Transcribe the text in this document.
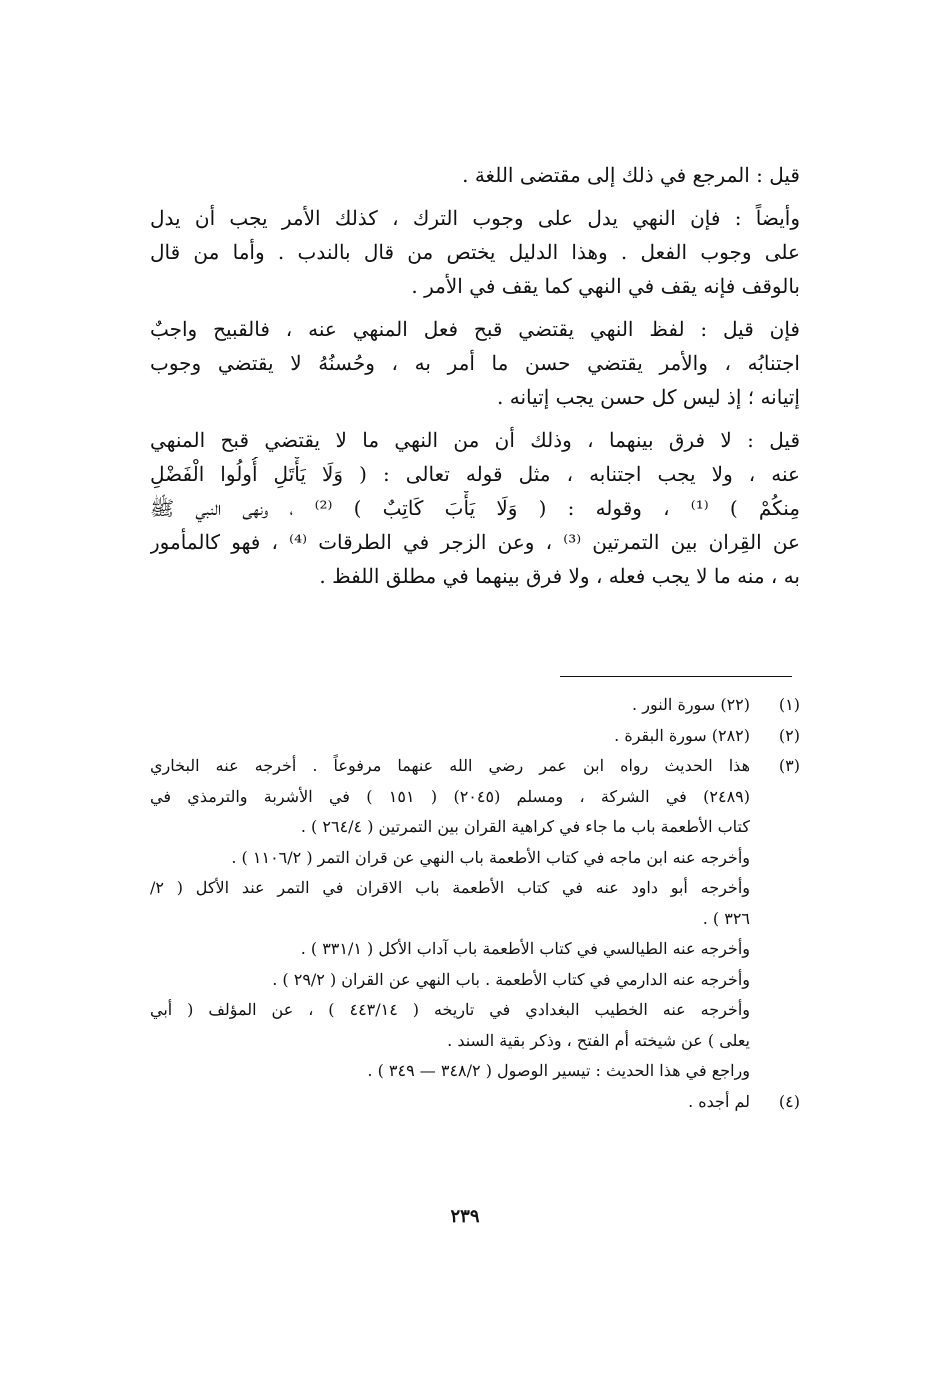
قيل : المرجع في ذلك إلى مقتضى اللغة .
وأيضاً : فإن النهي يدل على وجوب الترك ، كذلك الأمر يجب أن يدل
على وجوب الفعل . وهذا الدليل يختص من قال بالندب . وأما من قال
بالوقف فإنه يقف في النهي كما يقف في الأمر .
فإن قيل : لفظ النهي يقتضي قبح فعل المنهي عنه ، فالقبيح واجبٌ
اجتنابُه ، والأمر يقتضي حسن ما أمر به ، وحُسنُهُ لا يقتضي وجوب
إتيانه ؛ إذ ليس كل حسن يجب إتيانه .
قيل : لا فرق بينهما ، وذلك أن من النهي ما لا يقتضي قبح المنهي
عنه ، ولا يجب اجتنابه ، مثل قوله تعالى : ( وَلَا يَأْتَلِ أُولُوا الْفَضْلِ
مِنكُمْ ) ⁽¹⁾ ، وقوله : ( وَلَا يَأْبَ كَاتِبٌ ) ⁽²⁾ ، ونهى النبي ﷺ
عن القِران بين التمرتين ⁽³⁾ ، وعن الزجر في الطرقات ⁽⁴⁾ ، فهو كالمأمور
به ، منه ما لا يجب فعله ، ولا فرق بينهما في مطلق اللفظ .
(١)
(٢٢) سورة النور .
(٢)
(٢٨٢) سورة البقرة .
(٣)
هذا الحديث رواه ابن عمر رضي الله عنهما مرفوعاً . أخرجه عنه البخاري
(٢٤٨٩) في الشركة ، ومسلم (٢٠٤٥) ( ١٥١ ) في الأشربة والترمذي في
كتاب الأطعمة باب ما جاء في كراهية القران بين التمرتين ( ٢٦٤/٤ ) .
وأخرجه عنه ابن ماجه في كتاب الأطعمة باب النهي عن قران التمر ( ١١٠٦/٢ ) .
وأخرجه أبو داود عنه في كتاب الأطعمة باب الاقران في التمر عند الأكل ( ٢/
٣٢٦ ) .
وأخرجه عنه الطيالسي في كتاب الأطعمة باب آداب الأكل ( ٣٣١/١ ) .
وأخرجه عنه الدارمي في كتاب الأطعمة . باب النهي عن القران ( ٢٩/٢ ) .
وأخرجه عنه الخطيب البغدادي في تاريخه ( ٤٤٣/١٤ ) ، عن المؤلف ( أبي
يعلى ) عن شيخته أم الفتح ، وذكر بقية السند .
وراجع في هذا الحديث : تيسير الوصول ( ٣٤٨/٢ — ٣٤٩ ) .
(٤)
لم أجده .
٢٣٩
